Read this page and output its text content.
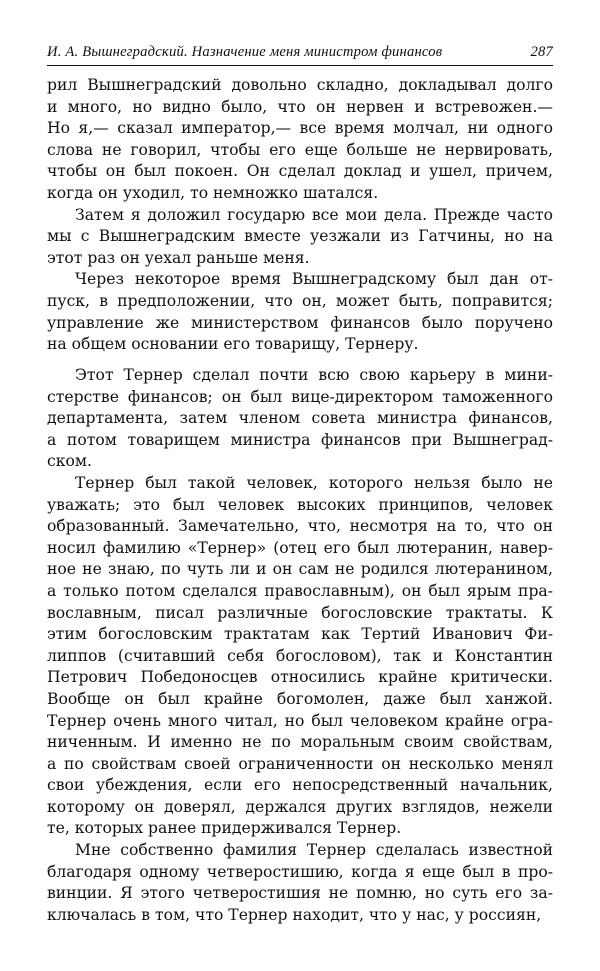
И. А. Вышнеградский. Назначение меня министром финансов	287
рил Вышнеградский довольно складно, докладывал долго
и много, но видно было, что он нервен и встревожен.—
Но я,— сказал император,— все время молчал, ни одного
слова не говорил, чтобы его еще больше не нервировать,
чтобы он был покоен. Он сделал доклад и ушел, причем,
когда он уходил, то немножко шатался.
Затем я доложил государю все мои дела. Прежде часто
мы с Вышнеградским вместе уезжали из Гатчины, но на
этот раз он уехал раньше меня.
Через некоторое время Вышнеградскому был дан от-
пуск, в предположении, что он, может быть, поправится;
управление же министерством финансов было поручено
на общем основании его товарищу, Тернеру.
Этот Тернер сделал почти всю свою карьеру в мини-
стерстве финансов; он был вице-директором таможенного
департамента, затем членом совета министра финансов,
а потом товарищем министра финансов при Вышнеград-
ском.
Тернер был такой человек, которого нельзя было не
уважать; это был человек высоких принципов, человек
образованный. Замечательно, что, несмотря на то, что он
носил фамилию «Тернер» (отец его был лютеранин, навер-
ное не знаю, по чуть ли и он сам не родился лютеранином,
а только потом сделался православным), он был ярым пра-
вославным, писал различные богословские трактаты. К
этим богословским трактатам как Тертий Иванович Фи-
липпов (считавший себя богословом), так и Константин
Петрович Победоносцев относились крайне критически.
Вообще он был крайне богомолен, даже был ханжой.
Тернер очень много читал, но был человеком крайне огра-
ниченным. И именно не по моральным своим свойствам,
а по свойствам своей ограниченности он несколько менял
свои убеждения, если его непосредственный начальник,
которому он доверял, держался других взглядов, нежели
те, которых ранее придерживался Тернер.
Мне собственно фамилия Тернер сделалась известной
благодаря одному четверостишию, когда я еще был в про-
винции. Я этого четверостишия не помню, но суть его за-
ключалась в том, что Тернер находит, что у нас, у россиян,
